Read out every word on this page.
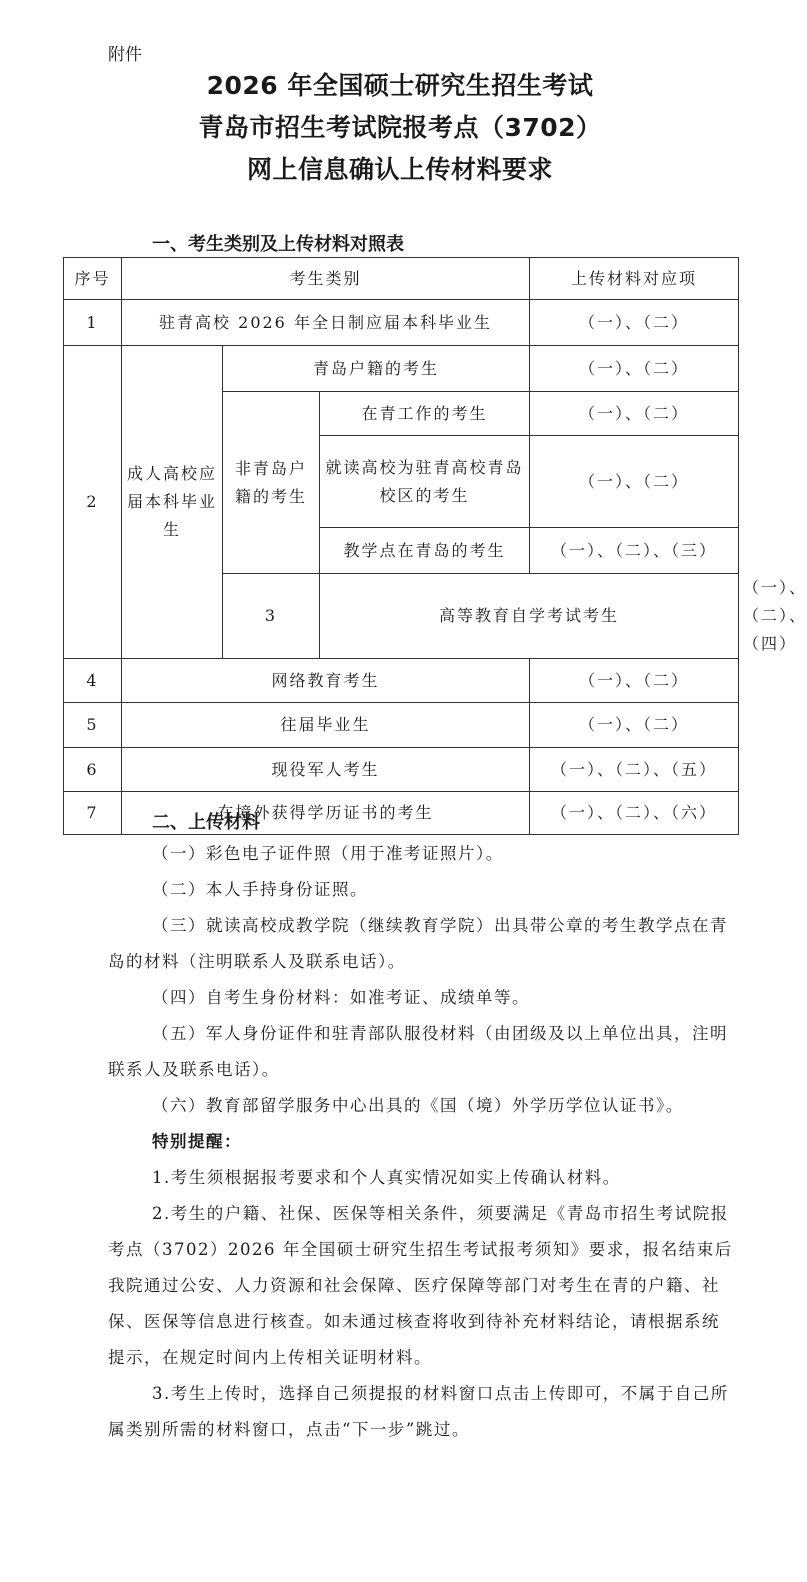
附件
2026 年全国硕士研究生招生考试
青岛市招生考试院报考点（3702）
网上信息确认上传材料要求
一、考生类别及上传材料对照表
序号	考生类别			上传材料对应项	
1	驻青高校 2026 年全日制应届本科毕业生			（一）、（二）	
2	成人高校应届本科毕业生	青岛户籍的考生		（一）、（二）	
		非青岛户籍的考生	在青工作的考生	（一）、（二）	
			就读高校为驻青高校青岛校区的考生	（一）、（二）	
			教学点在青岛的考生	（一）、（二）、（三）	
		3	高等教育自学考试考生		（一）、（二）、（四）
4	网络教育考生			（一）、（二）	
5	往届毕业生			（一）、（二）	
6	现役军人考生			（一）、（二）、（五）	
7	在境外获得学历证书的考生			（一）、（二）、（六）	
二、上传材料
（一）彩色电子证件照（用于准考证照片）。
（二）本人手持身份证照。
（三）就读高校成教学院（继续教育学院）出具带公章的考生教学点在青岛的材料（注明联系人及联系电话）。
（四）自考生身份材料：如准考证、成绩单等。
（五）军人身份证件和驻青部队服役材料（由团级及以上单位出具，注明联系人及联系电话）。
（六）教育部留学服务中心出具的《国（境）外学历学位认证书》。
特别提醒：
1.考生须根据报考要求和个人真实情况如实上传确认材料。
2.考生的户籍、社保、医保等相关条件，须要满足《青岛市招生考试院报考点（3702）2026 年全国硕士研究生招生考试报考须知》要求，报名结束后我院通过公安、人力资源和社会保障、医疗保障等部门对考生在青的户籍、社保、医保等信息进行核查。如未通过核查将收到待补充材料结论，请根据系统提示，在规定时间内上传相关证明材料。
3.考生上传时，选择自己须提报的材料窗口点击上传即可，不属于自己所属类别所需的材料窗口，点击“下一步”跳过。
